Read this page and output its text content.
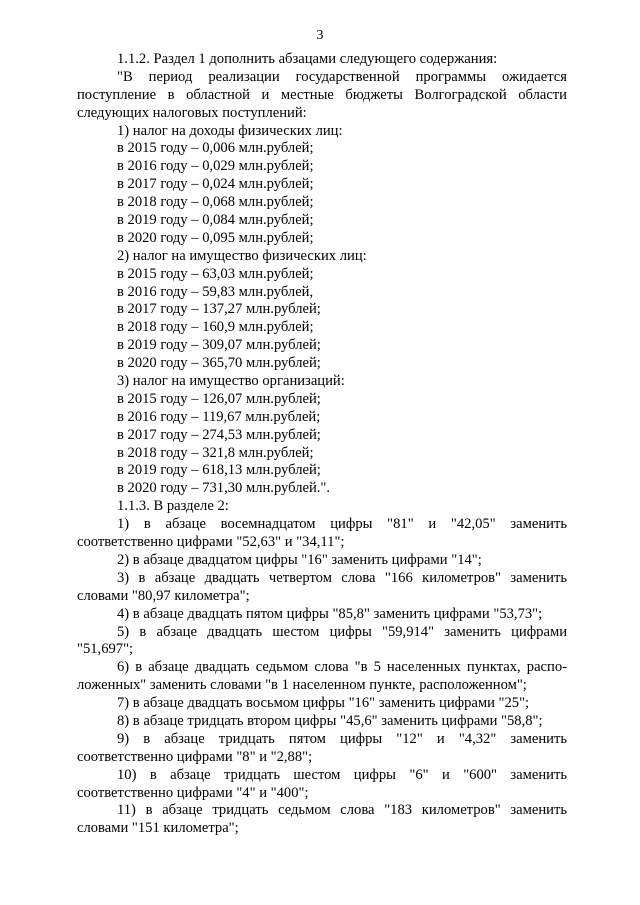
3
1.1.2. Раздел 1 дополнить абзацами следующего содержания:
"В период реализации государственной программы ожидается
поступление в областной и местные бюджеты Волгоградской области
следующих налоговых поступлений:
1) налог на доходы физических лиц:
в 2015 году – 0,006 млн.рублей;
в 2016 году – 0,029 млн.рублей;
в 2017 году – 0,024 млн.рублей;
в 2018 году – 0,068 млн.рублей;
в 2019 году – 0,084 млн.рублей;
в 2020 году – 0,095 млн.рублей;
2) налог на имущество физических лиц:
в 2015 году – 63,03 млн.рублей;
в 2016 году – 59,83 млн.рублей,
в 2017 году – 137,27 млн.рублей;
в 2018 году – 160,9 млн.рублей;
в 2019 году – 309,07 млн.рублей;
в 2020 году – 365,70 млн.рублей;
3) налог на имущество организаций:
в 2015 году – 126,07 млн.рублей;
в 2016 году – 119,67 млн.рублей;
в 2017 году – 274,53 млн.рублей;
в 2018 году – 321,8 млн.рублей;
в 2019 году – 618,13 млн.рублей;
в 2020 году – 731,30 млн.рублей.".
1.1.3. В разделе 2:
1) в абзаце восемнадцатом цифры "81" и "42,05" заменить
соответственно цифрами "52,63" и "34,11";
2) в абзаце двадцатом цифры "16" заменить цифрами "14";
3) в абзаце двадцать четвертом слова "166 километров" заменить
словами "80,97 километра";
4) в абзаце двадцать пятом цифры "85,8" заменить цифрами "53,73";
5) в абзаце двадцать шестом цифры "59,914" заменить цифрами
"51,697";
6) в абзаце двадцать седьмом слова "в 5 населенных пунктах, распо-
ложенных" заменить словами "в 1 населенном пункте, расположенном";
7) в абзаце двадцать восьмом цифры "16" заменить цифрами "25";
8) в абзаце тридцать втором цифры "45,6" заменить цифрами "58,8";
9) в абзаце тридцать пятом цифры "12" и "4,32" заменить
соответственно цифрами "8" и "2,88";
10) в абзаце тридцать шестом цифры "6" и "600" заменить
соответственно цифрами "4" и "400";
11) в абзаце тридцать седьмом слова "183 километров" заменить
словами "151 километра";
